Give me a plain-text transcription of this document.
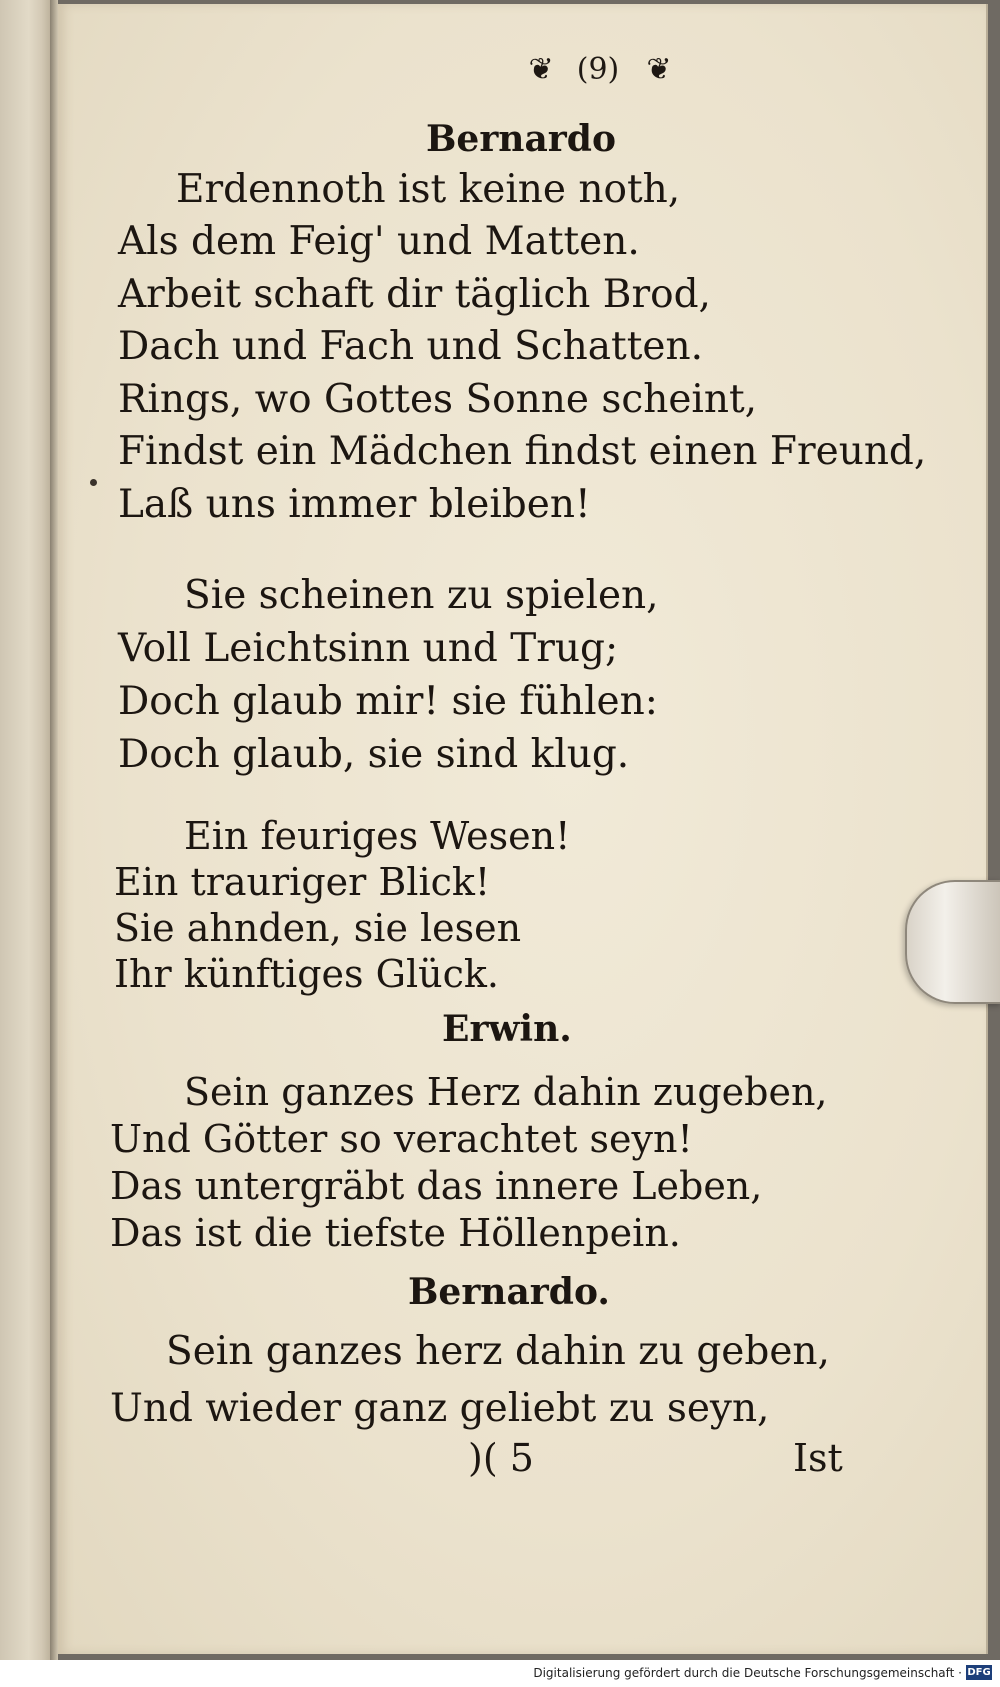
❦ (9) ❦
Bernardo
Erdennoth ist keine noth,
Als dem Feig' und Matten.
Arbeit schaft dir täglich Brod,
Dach und Fach und Schatten.
Rings, wo Gottes Sonne scheint,
Findst ein Mädchen findst einen Freund,
Laß uns immer bleiben!
Sie scheinen zu spielen,
Voll Leichtsinn und Trug;
Doch glaub mir! sie fühlen:
Doch glaub, sie sind klug.
Ein feuriges Wesen!
Ein trauriger Blick!
Sie ahnden, sie lesen
Ihr künftiges Glück.
Erwin.
Sein ganzes Herz dahin zugeben,
Und Götter so verachtet seyn!
Das untergräbt das innere Leben,
Das ist die tiefste Höllenpein.
Bernardo.
Sein ganzes herz dahin zu geben,
Und wieder ganz geliebt zu seyn,
)( 5	Ist
Digitalisierung gefördert durch die Deutsche Forschungsgemeinschaft · DFG
